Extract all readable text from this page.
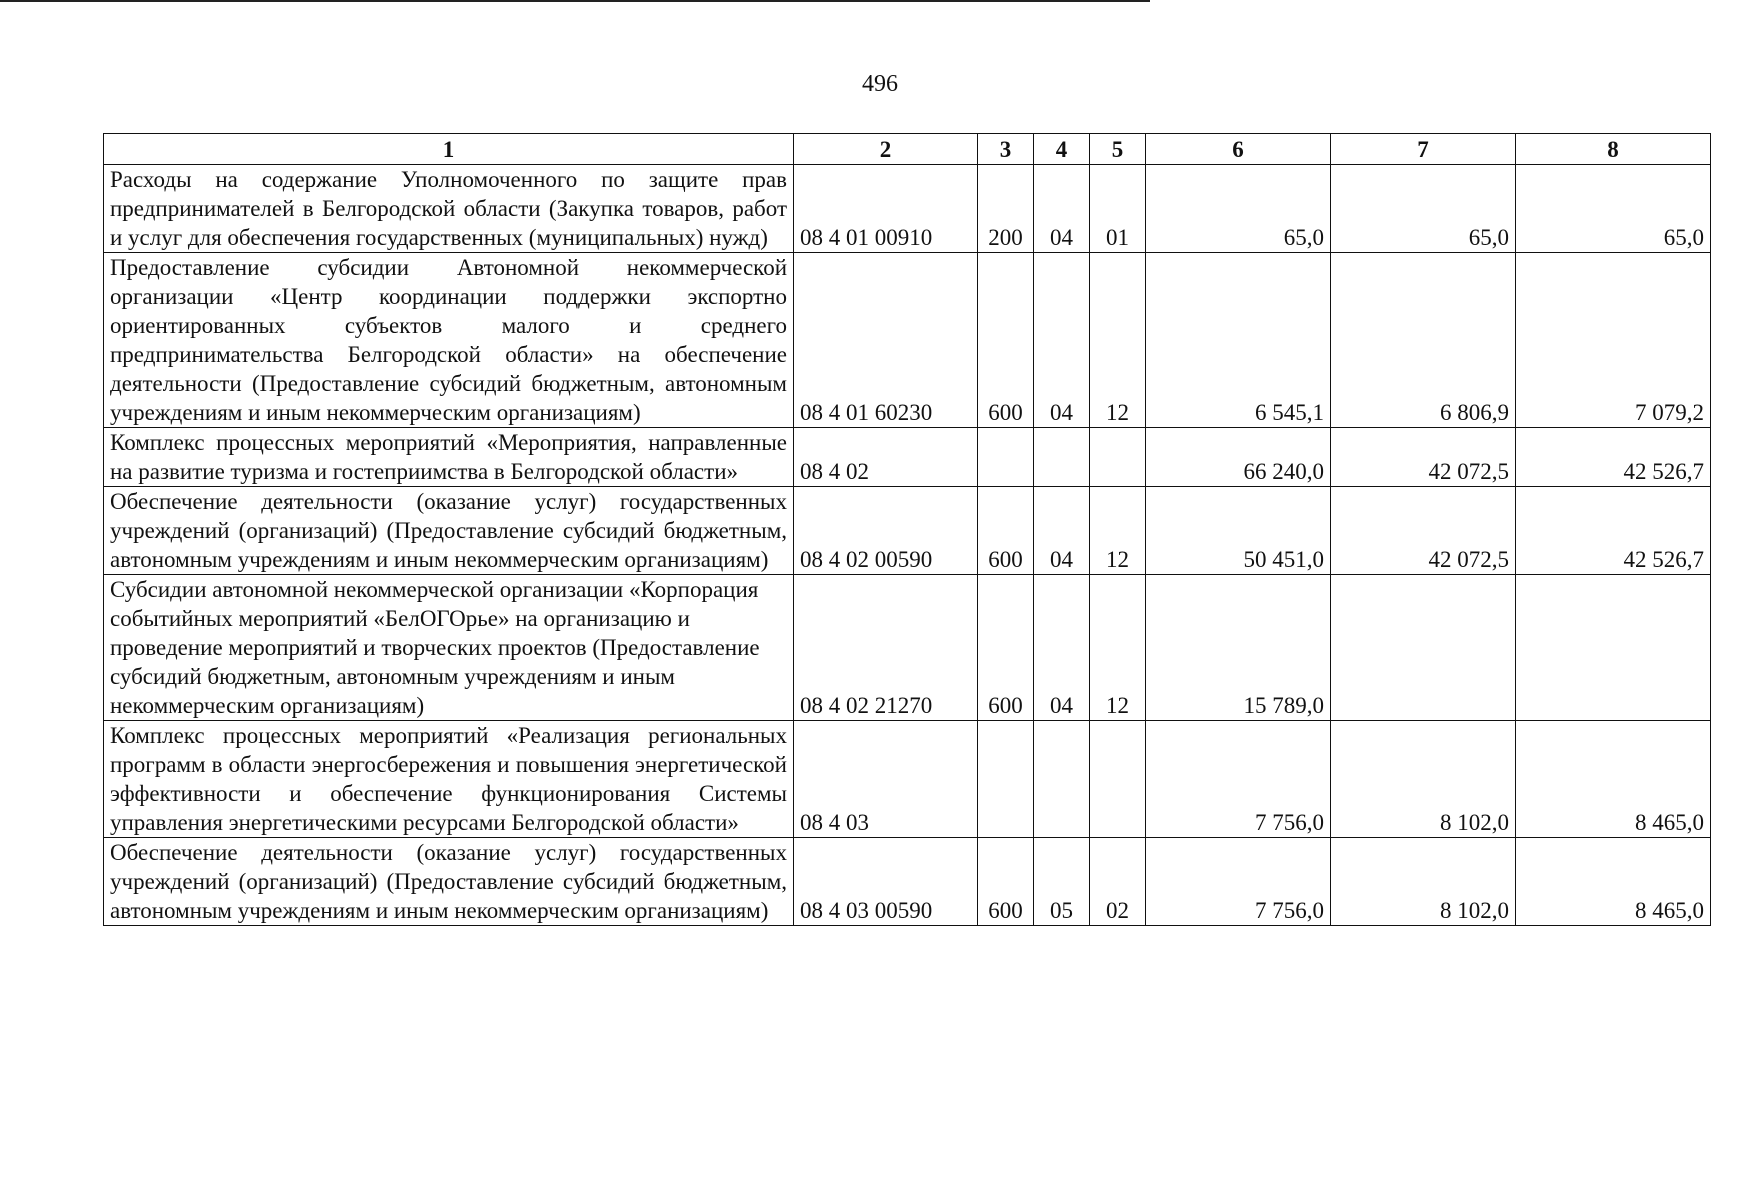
496
1	2	3	4	5	6	7	8
Расходы на содержание Уполномоченного по защите прав предпринимателей в Белгородской области (Закупка товаров, работ и услуг для обеспечения государственных (муниципальных) нужд)	08 4 01 00910	200	04	01	65,0	65,0	65,0
Предоставление субсидии Автономной некоммерческой организации «Центр координации поддержки экспортно ориентированных субъектов малого и среднего предпринимательства Белгородской области» на обеспечение деятельности (Предоставление субсидий бюджетным, автономным учреждениям и иным некоммерческим организациям)	08 4 01 60230	600	04	12	6 545,1	6 806,9	7 079,2
Комплекс процессных мероприятий «Мероприятия, направленные на развитие туризма и гостеприимства в Белгородской области»	08 4 02				66 240,0	42 072,5	42 526,7
Обеспечение деятельности (оказание услуг) государственных учреждений (организаций) (Предоставление субсидий бюджетным, автономным учреждениям и иным некоммерческим организациям)	08 4 02 00590	600	04	12	50 451,0	42 072,5	42 526,7
Субсидии автономной некоммерческой организации «Корпорация событийных мероприятий «БелОГОрье» на организацию и проведение мероприятий и творческих проектов (Предоставление субсидий бюджетным, автономным учреждениям и иным некоммерческим организациям)	08 4 02 21270	600	04	12	15 789,0		
Комплекс процессных мероприятий «Реализация региональных программ в области энергосбережения и повышения энергетической эффективности и обеспечение функционирования Системы управления энергетическими ресурсами Белгородской области»	08 4 03				7 756,0	8 102,0	8 465,0
Обеспечение деятельности (оказание услуг) государственных учреждений (организаций) (Предоставление субсидий бюджетным, автономным учреждениям и иным некоммерческим организациям)	08 4 03 00590	600	05	02	7 756,0	8 102,0	8 465,0
